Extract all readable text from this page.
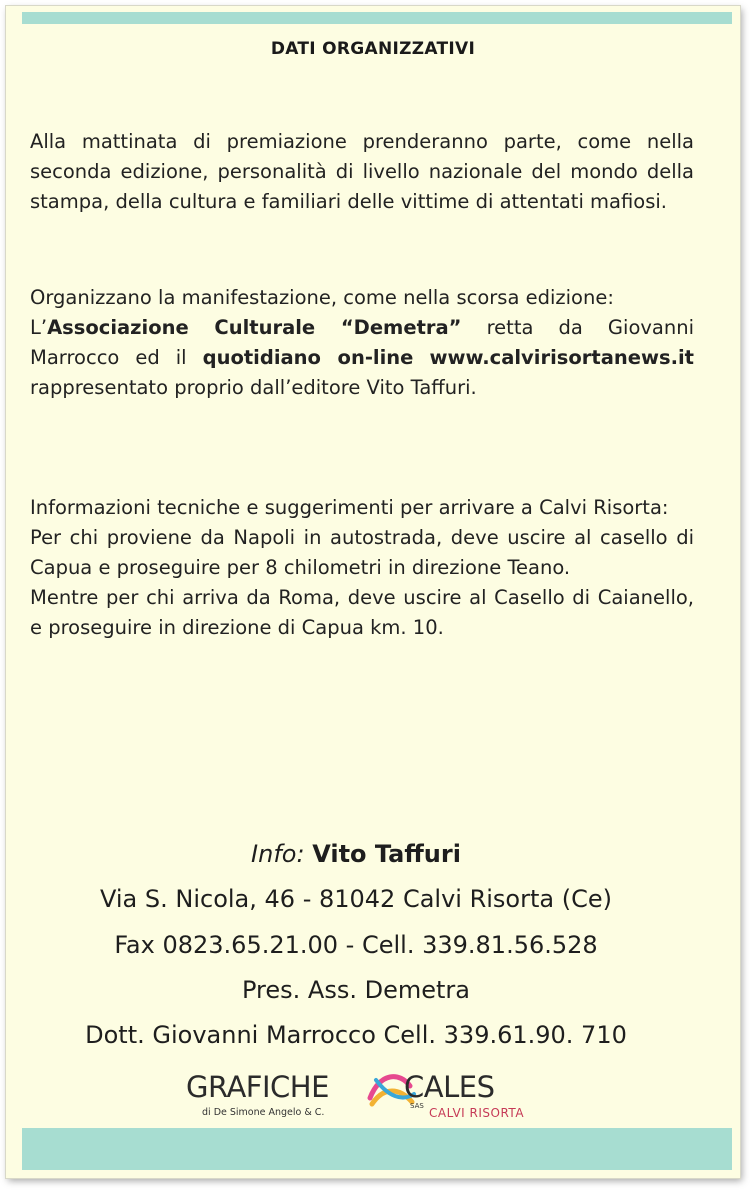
DATI ORGANIZZATIVI

Alla mattinata di premiazione prenderanno parte, come nella seconda edizione, personalità di livello nazionale del mondo della stampa, della cultura e familiari delle vittime di attentati mafiosi.

Organizzano la manifestazione, come nella scorsa edizione:

L’Associazione Culturale “Demetra” retta da Giovanni Marrocco ed il quotidiano on-line www.calvirisortanews.it rappresentato proprio dall’editore Vito Taffuri.

Informazioni tecniche e suggerimenti per arrivare a Calvi Risorta:

Per chi proviene da Napoli in autostrada, deve uscire al casello di Capua e proseguire per 8 chilometri in direzione Teano.

Mentre per chi arriva da Roma, deve uscire al Casello di Caianello, e proseguire in direzione di Capua km. 10.

Info: Vito Taffuri
Via S. Nicola, 46 - 81042 Calvi Risorta (Ce)
Fax 0823.65.21.00 - Cell. 339.81.56.528
Pres. Ass. Demetra
Dott. Giovanni Marrocco Cell. 339.61.90. 710
GRAFICHE	CALES
di De Simone Angelo & C.
SAS CALVI RISORTA
